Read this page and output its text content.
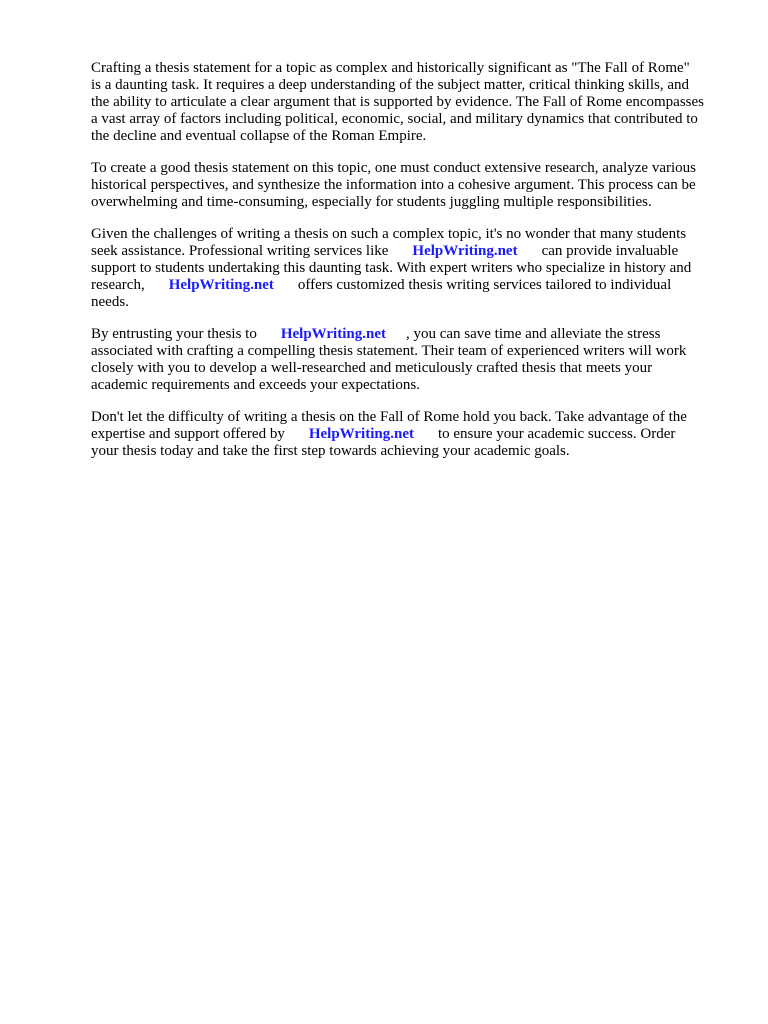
Crafting a thesis statement for a topic as complex and historically significant as "The Fall of Rome"
is a daunting task. It requires a deep understanding of the subject matter, critical thinking skills, and
the ability to articulate a clear argument that is supported by evidence. The Fall of Rome encompasses
a vast array of factors including political, economic, social, and military dynamics that contributed to
the decline and eventual collapse of the Roman Empire.

To create a good thesis statement on this topic, one must conduct extensive research, analyze various
historical perspectives, and synthesize the information into a cohesive argument. This process can be
overwhelming and time-consuming, especially for students juggling multiple responsibilities.

Given the challenges of writing a thesis on such a complex topic, it's no wonder that many students
seek assistance. Professional writing services like HelpWriting.net can provide invaluable
support to students undertaking this daunting task. With expert writers who specialize in history and
research, HelpWriting.net offers customized thesis writing services tailored to individual
needs.

By entrusting your thesis to HelpWriting.net , you can save time and alleviate the stress
associated with crafting a compelling thesis statement. Their team of experienced writers will work
closely with you to develop a well-researched and meticulously crafted thesis that meets your
academic requirements and exceeds your expectations.

Don't let the difficulty of writing a thesis on the Fall of Rome hold you back. Take advantage of the
expertise and support offered by HelpWriting.net to ensure your academic success. Order
your thesis today and take the first step towards achieving your academic goals.
